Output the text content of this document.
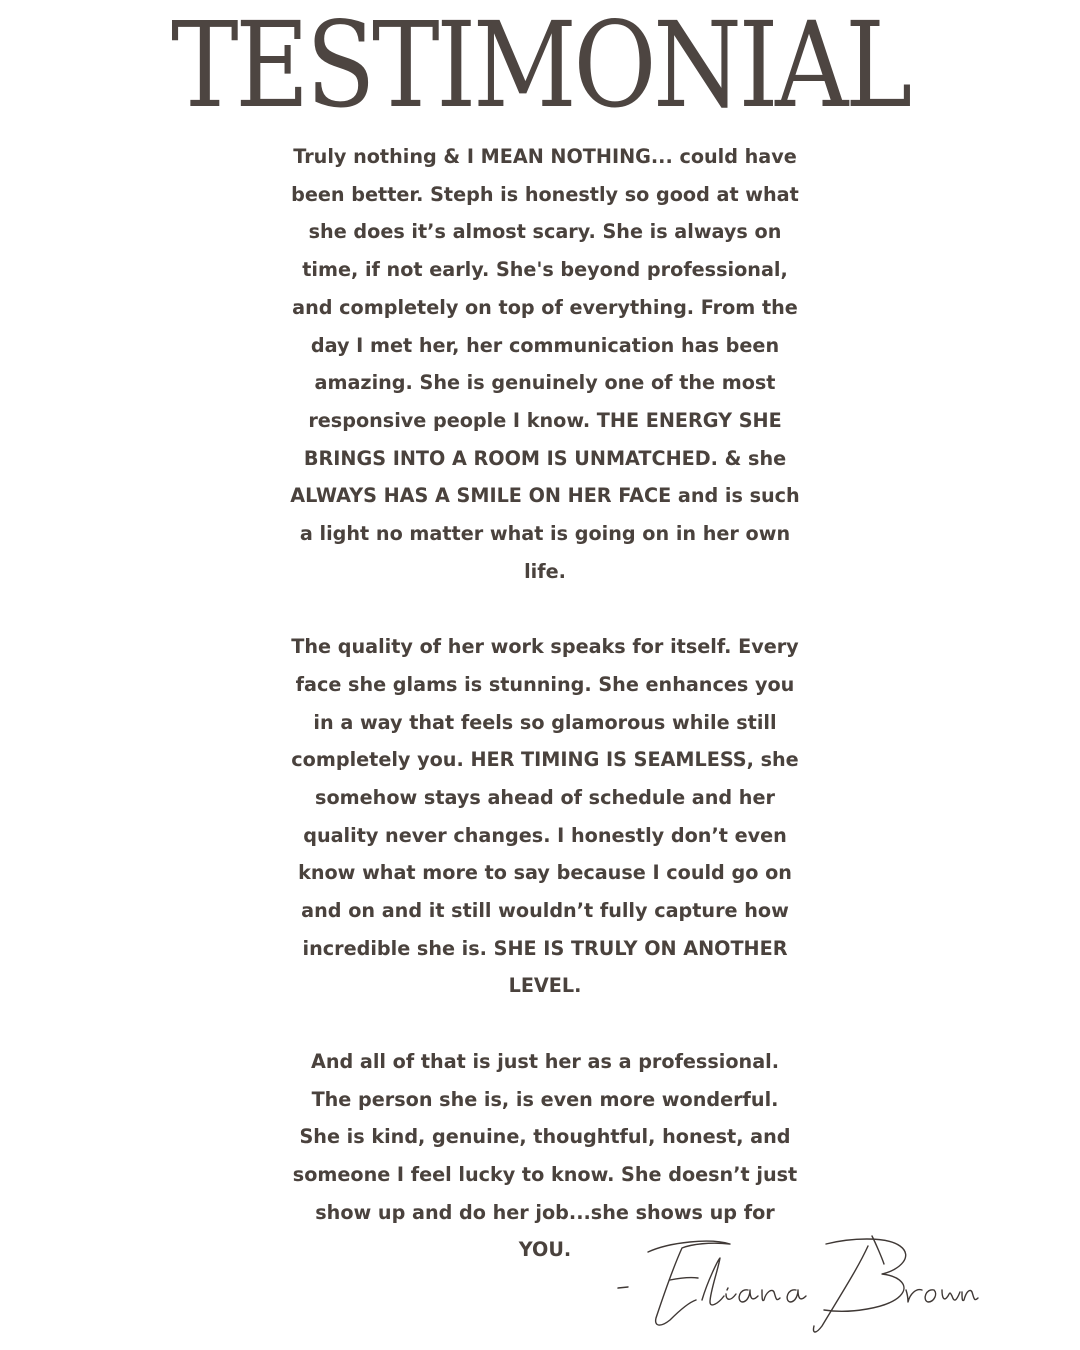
TESTIMONIAL

Truly nothing & I MEAN NOTHING... could have been better. Steph is honestly so good at what she does it’s almost scary. She is always on time, if not early. She's beyond professional, and completely on top of everything. From the day I met her, her communication has been amazing. She is genuinely one of the most responsive people I know. THE ENERGY SHE BRINGS INTO A ROOM IS UNMATCHED. & she ALWAYS HAS A SMILE ON HER FACE and is such a light no matter what is going on in her own life.

The quality of her work speaks for itself. Every face she glams is stunning. She enhances you in a way that feels so glamorous while still completely you. HER TIMING IS SEAMLESS, she somehow stays ahead of schedule and her quality never changes. I honestly don’t even know what more to say because I could go on and on and it still wouldn’t fully capture how incredible she is. SHE IS TRULY ON ANOTHER LEVEL.

And all of that is just her as a professional. The person she is, is even more wonderful. She is kind, genuine, thoughtful, honest, and someone I feel lucky to know. She doesn’t just show up and do her job...she shows up for YOU.
